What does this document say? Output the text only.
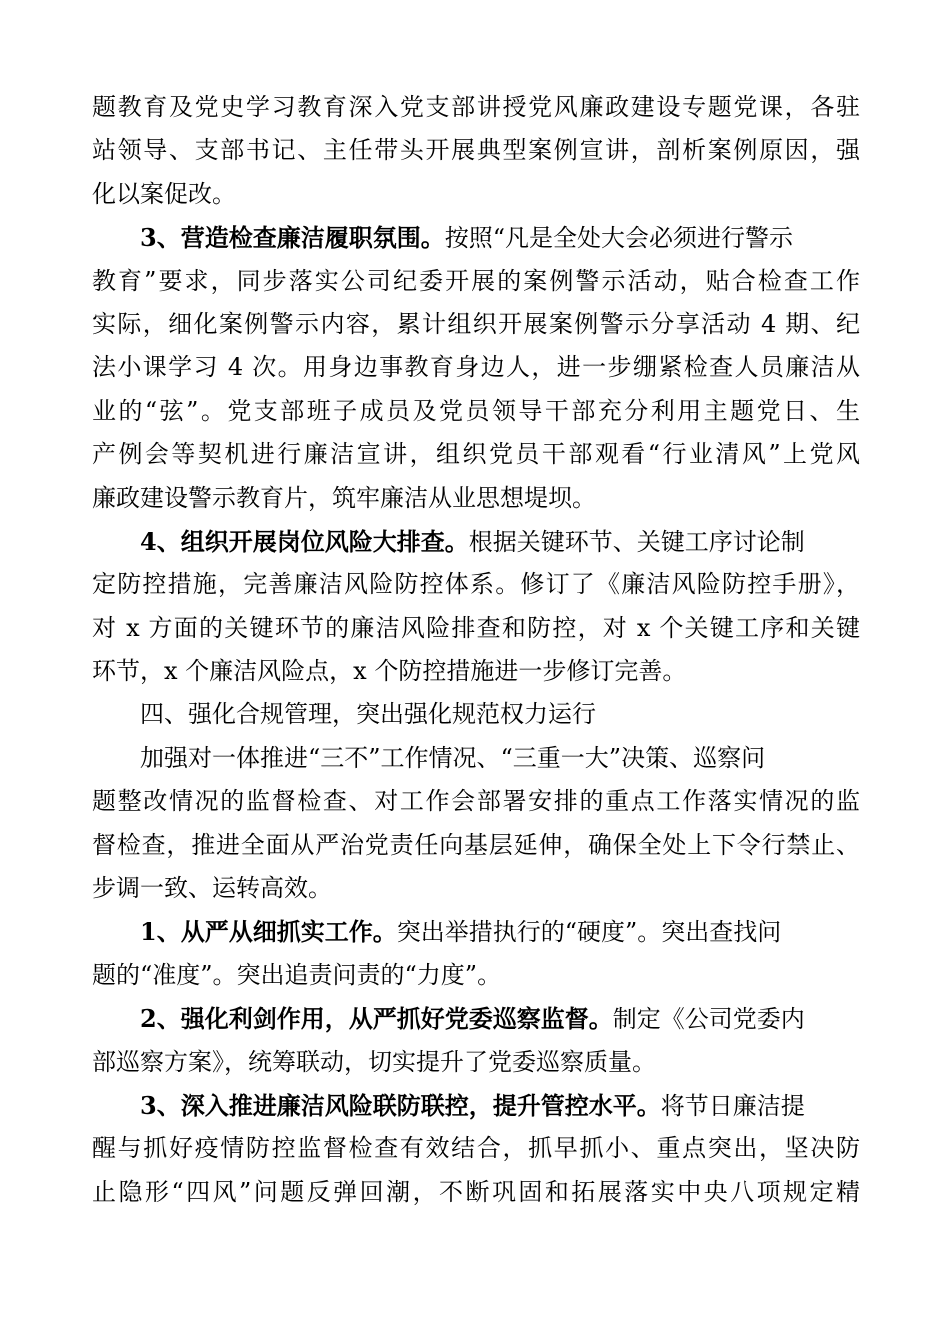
题教育及党史学习教育深入党支部讲授党风廉政建设专题党课，各驻
站领导、支部书记、主任带头开展典型案例宣讲，剖析案例原因，强
化以案促改。
3、营造检查廉洁履职氛围。按照“凡是全处大会必须进行警示
教育”要求，同步落实公司纪委开展的案例警示活动，贴合检查工作
实际，细化案例警示内容，累计组织开展案例警示分享活动 4 期、纪
法小课学习 4 次。用身边事教育身边人，进一步绷紧检查人员廉洁从
业的“弦”。党支部班子成员及党员领导干部充分利用主题党日、生
产例会等契机进行廉洁宣讲，组织党员干部观看“行业清风”上党风
廉政建设警示教育片，筑牢廉洁从业思想堤坝。
4、组织开展岗位风险大排查。根据关键环节、关键工序讨论制
定防控措施，完善廉洁风险防控体系。修订了《廉洁风险防控手册》，
对 x 方面的关键环节的廉洁风险排查和防控，对 x 个关键工序和关键
环节，x 个廉洁风险点，x 个防控措施进一步修订完善。
四、强化合规管理，突出强化规范权力运行
加强对一体推进“三不”工作情况、“三重一大”决策、巡察问
题整改情况的监督检查、对工作会部署安排的重点工作落实情况的监
督检查，推进全面从严治党责任向基层延伸，确保全处上下令行禁止、
步调一致、运转高效。
1、从严从细抓实工作。突出举措执行的“硬度”。突出查找问
题的“准度”。突出追责问责的“力度”。
2、强化利剑作用，从严抓好党委巡察监督。制定《公司党委内
部巡察方案》，统筹联动，切实提升了党委巡察质量。
3、深入推进廉洁风险联防联控，提升管控水平。将节日廉洁提
醒与抓好疫情防控监督检查有效结合，抓早抓小、重点突出，坚决防
止隐形“四风”问题反弹回潮，不断巩固和拓展落实中央八项规定精
